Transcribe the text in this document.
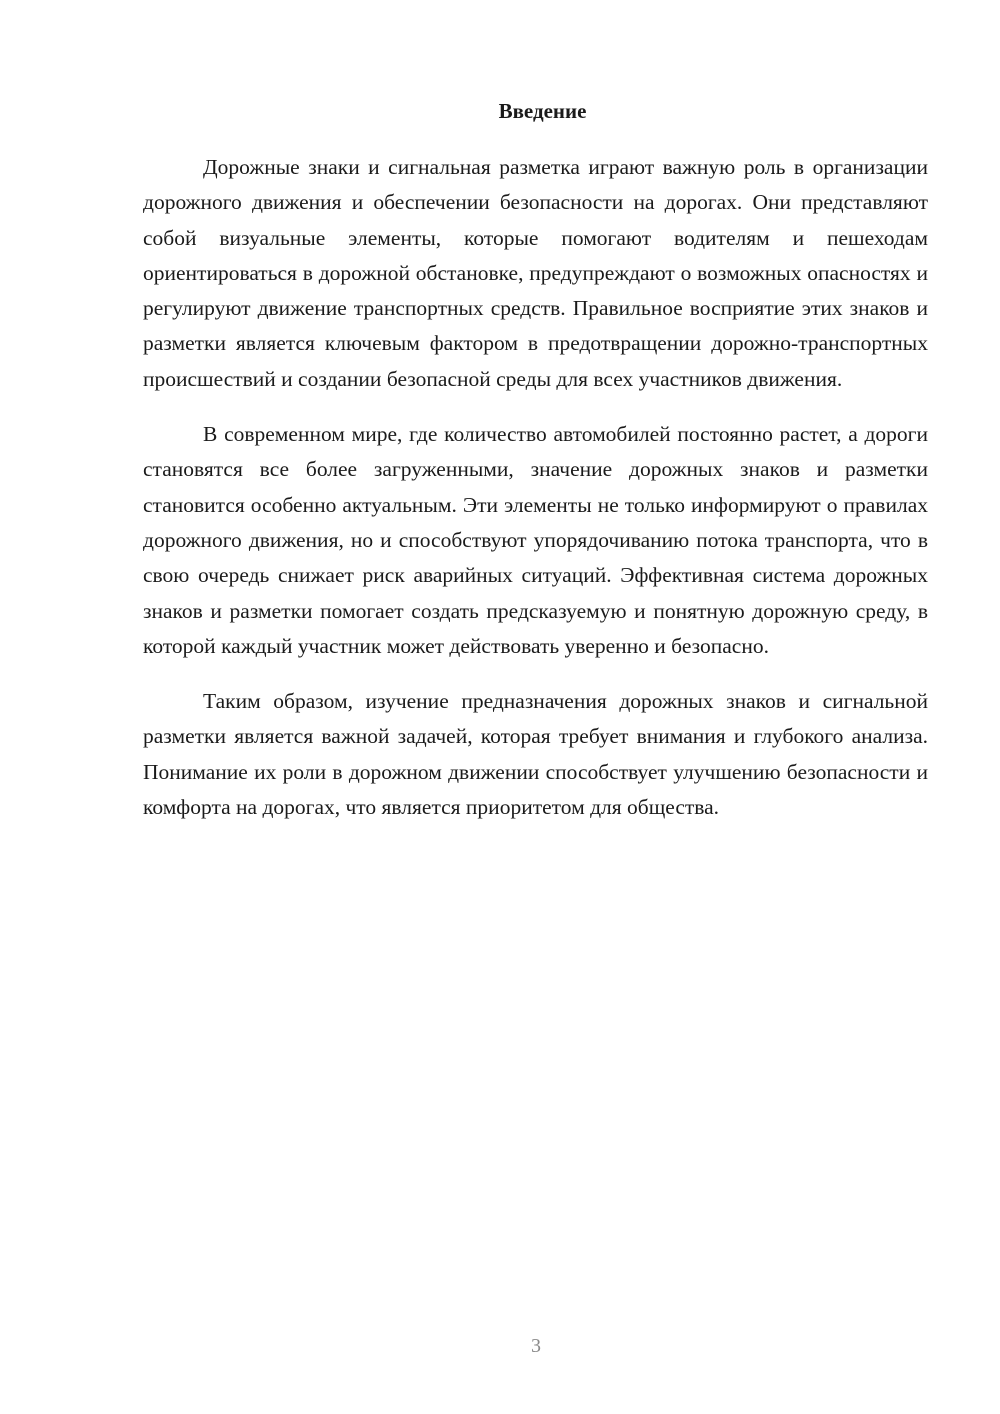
Введение

Дорожные знаки и сигнальная разметка играют важную роль в организации дорожного движения и обеспечении безопасности на дорогах. Они представляют собой визуальные элементы, которые помогают водителям и пешеходам ориентироваться в дорожной обстановке, предупреждают о возможных опасностях и регулируют движение транспортных средств. Правильное восприятие этих знаков и разметки является ключевым фактором в предотвращении дорожно-транспортных происшествий и создании безопасной среды для всех участников движения.

В современном мире, где количество автомобилей постоянно растет, а дороги становятся все более загруженными, значение дорожных знаков и разметки становится особенно актуальным. Эти элементы не только информируют о правилах дорожного движения, но и способствуют упорядочиванию потока транспорта, что в свою очередь снижает риск аварийных ситуаций. Эффективная система дорожных знаков и разметки помогает создать предсказуемую и понятную дорожную среду, в которой каждый участник может действовать уверенно и безопасно.

Таким образом, изучение предназначения дорожных знаков и сигнальной разметки является важной задачей, которая требует внимания и глубокого анализа. Понимание их роли в дорожном движении способствует улучшению безопасности и комфорта на дорогах, что является приоритетом для общества.

3
